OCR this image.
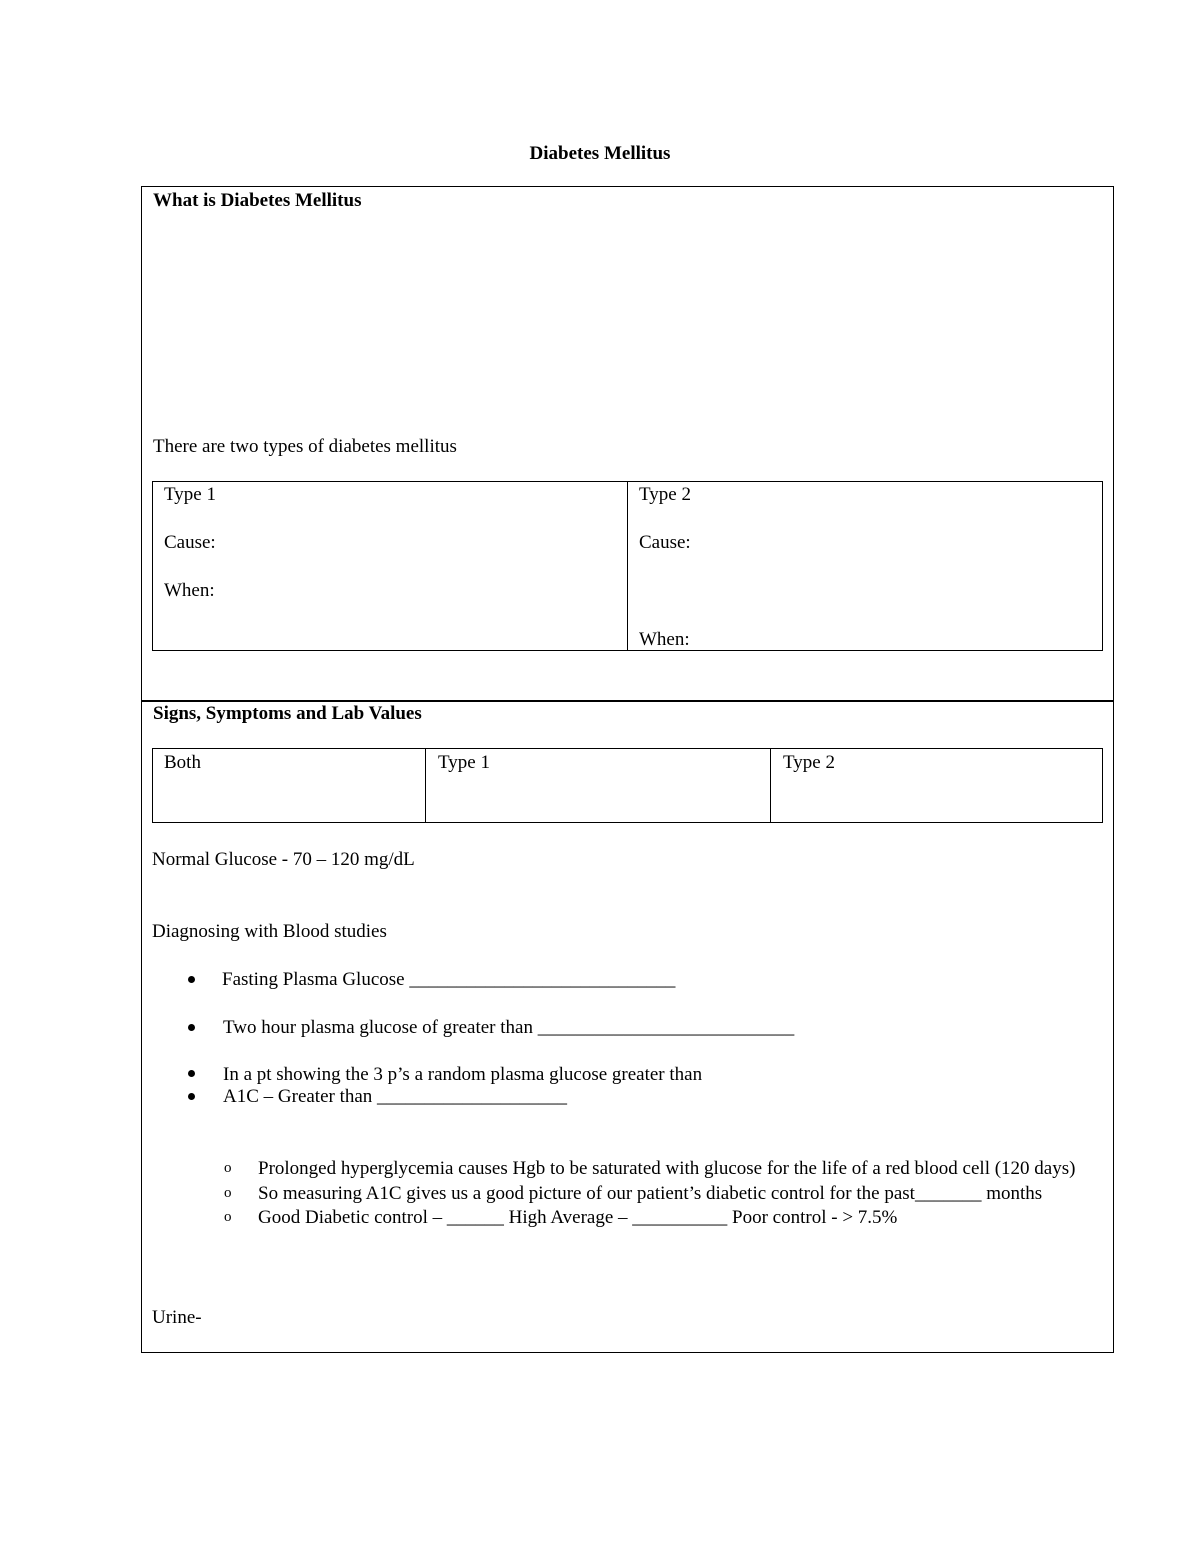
Diabetes Mellitus
What is Diabetes Mellitus
There are two types of diabetes mellitus
Type 1
Cause:
When:
Type 2
Cause:
When:
Signs, Symptoms and Lab Values
Both	Type 1	Type 2
Normal Glucose - 70 – 120 mg/dL
Diagnosing with Blood studies
Fasting Plasma Glucose ____________________________
Two hour plasma glucose of greater than ___________________________
In a pt showing the 3 p’s a random plasma glucose greater than
A1C – Greater than ____________________
o Prolonged hyperglycemia causes Hgb to be saturated with glucose for the life of a red blood cell (120 days)
o So measuring A1C gives us a good picture of our patient’s diabetic control for the past_______ months
o Good Diabetic control – ______ High Average – __________ Poor control - > 7.5%
Urine-
